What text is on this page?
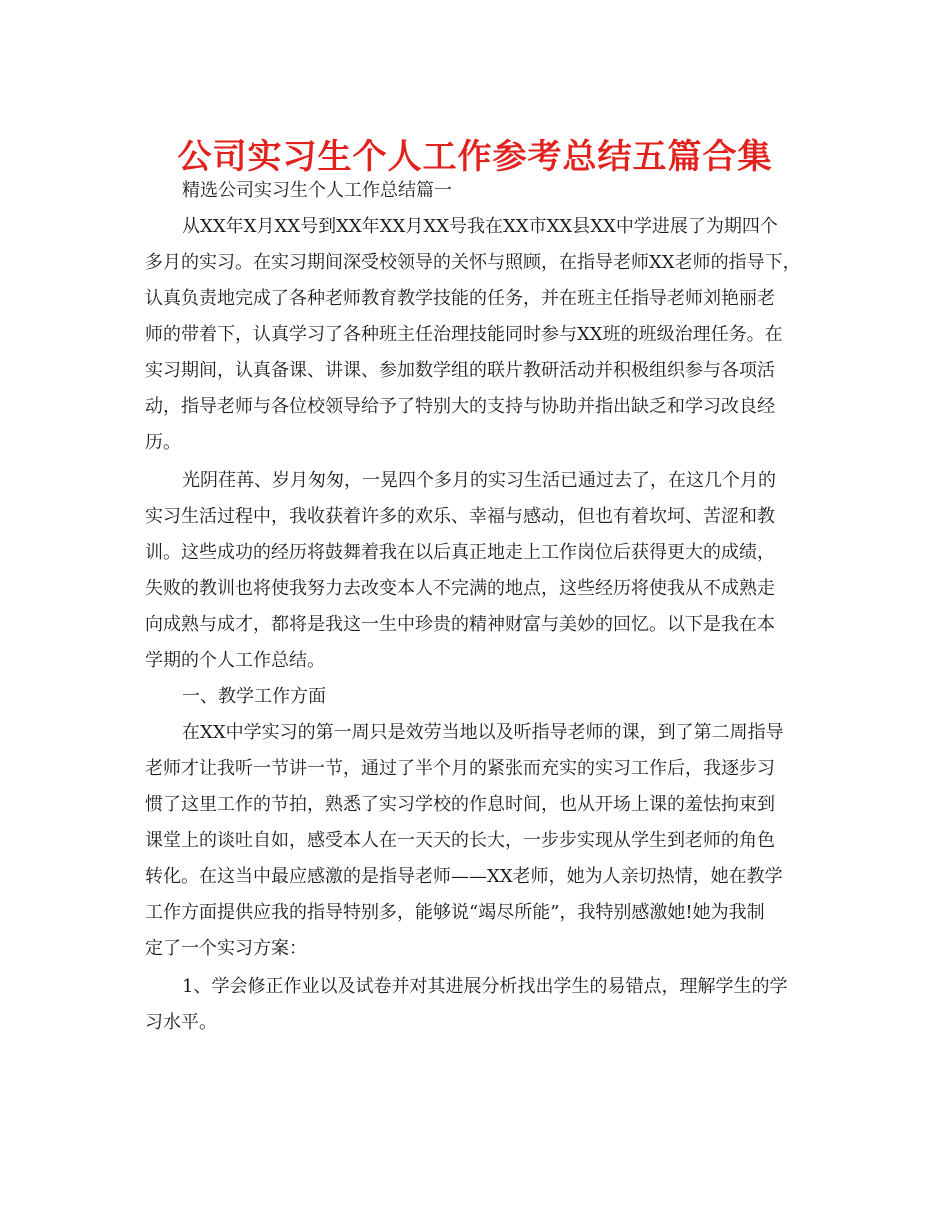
公司实习生个人工作参考总结五篇合集
精选公司实习生个人工作总结篇一
从XX年X月XX号到XX年XX月XX号我在XX市XX县XX中学进展了为期四个
多月的实习。在实习期间深受校领导的关怀与照顾，在指导老师XX老师的指导下，
认真负责地完成了各种老师教育教学技能的任务，并在班主任指导老师刘艳丽老
师的带着下，认真学习了各种班主任治理技能同时参与XX班的班级治理任务。在
实习期间，认真备课、讲课、参加数学组的联片教研活动并积极组织参与各项活
动，指导老师与各位校领导给予了特别大的支持与协助并指出缺乏和学习改良经
历。
光阴荏苒、岁月匆匆，一晃四个多月的实习生活已通过去了，在这几个月的
实习生活过程中，我收获着许多的欢乐、幸福与感动，但也有着坎坷、苦涩和教
训。这些成功的经历将鼓舞着我在以后真正地走上工作岗位后获得更大的成绩，
失败的教训也将使我努力去改变本人不完满的地点，这些经历将使我从不成熟走
向成熟与成才，都将是我这一生中珍贵的精神财富与美妙的回忆。以下是我在本
学期的个人工作总结。
一、教学工作方面
在XX中学实习的第一周只是效劳当地以及听指导老师的课，到了第二周指导
老师才让我听一节讲一节，通过了半个月的紧张而充实的实习工作后，我逐步习
惯了这里工作的节拍，熟悉了实习学校的作息时间，也从开场上课的羞怯拘束到
课堂上的谈吐自如，感受本人在一天天的长大，一步步实现从学生到老师的角色
转化。在这当中最应感激的是指导老师——XX老师，她为人亲切热情，她在教学
工作方面提供应我的指导特别多，能够说“竭尽所能”，我特别感激她!她为我制
定了一个实习方案：
1、学会修正作业以及试卷并对其进展分析找出学生的易错点，理解学生的学
习水平。
